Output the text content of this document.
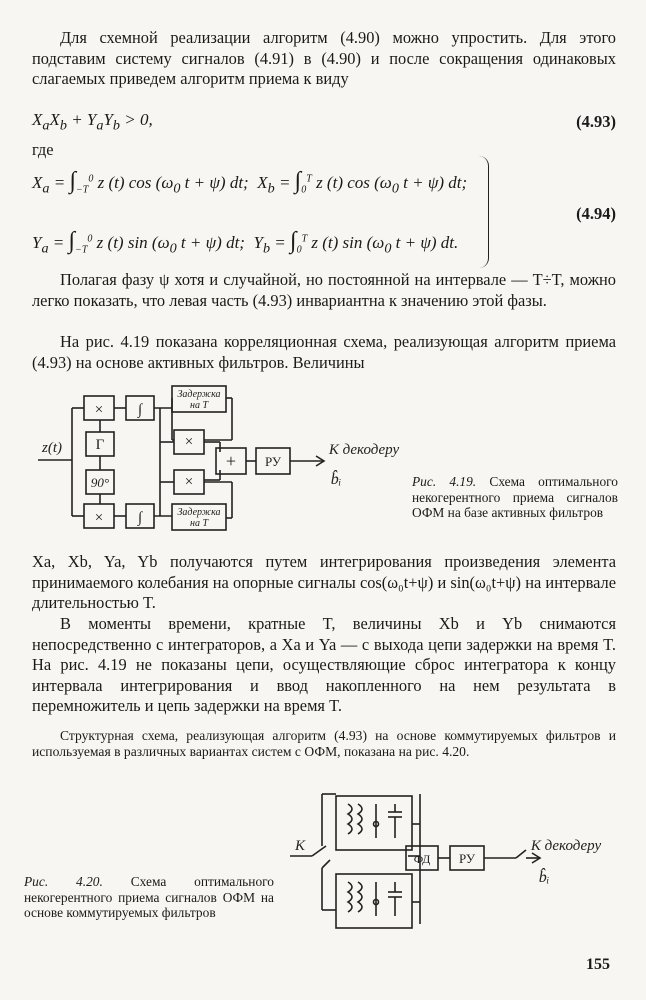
Для схемной реализации алгоритм (4.90) можно упростить. Для этого подставим систему сигналов (4.91) в (4.90) и после сокращения одинаковых слагаемых приведем алгоритм приема к виду

$X_aX_b + Y_aY_b > 0$,	(4.93)
где
$X_a = \int_{-T}^0$ z (t) $\cos (\omega_0$ t + ψ) dt;  $X_b = \int_0^T$ z (t) $\cos (\omega_0$ t + ψ) dt;
$Y_a = \int_{-T}^0$ z (t) $\sin (\omega_0$ t + ψ) dt;  $Y_b = \int_0^T$ z (t) $\sin (\omega_0$ t + ψ) dt.
(4.94)

Полагая фазу ψ хотя и случайной, но постоянной на интервале — T÷T, можно легко показать, что левая часть (4.93) инвариантна к значению этой фазы.

На рис. 4.19 показана корреляционная схема, реализующая алгоритм приема (4.93) на основе активных фильтров. Величины

z(t)
×
×
∫
∫
Γ
90°
×
×
Задержка
на T
Задержка
на T
+ РУ
К декодеру
b̂ᵢ	Рис. 4.19. Схема оптимального некогерентного приема сигналов ОФМ на базе активных фильтров

Xa, Xb, Ya, Yb получаются путем интегрирования произведения элемента принимаемого колебания на опорные сигналы cos(ω₀t+ψ) и sin(ω₀t+ψ) на интервале длительностью T.

В моменты времени, кратные T, величины Xb и Yb снимаются непосредственно с интеграторов, а Xa и Ya — с выхода цепи задержки на время T. На рис. 4.19 не показаны цепи, осуществляющие сброс интегратора к концу интервала интегрирования и ввод накопленного на нем результата в перемножитель и цепь задержки на время T.

Структурная схема, реализующая алгоритм (4.93) на основе коммутируемых фильтров и используемая в различных вариантах систем с ОФМ, показана на рис. 4.20.

К
ФД РУ
К декодеру
b̂ᵢ

Рис. 4.20. Схема оптимального некогерентного приема сигналов ОФМ на основе коммутируемых фильтров

155
